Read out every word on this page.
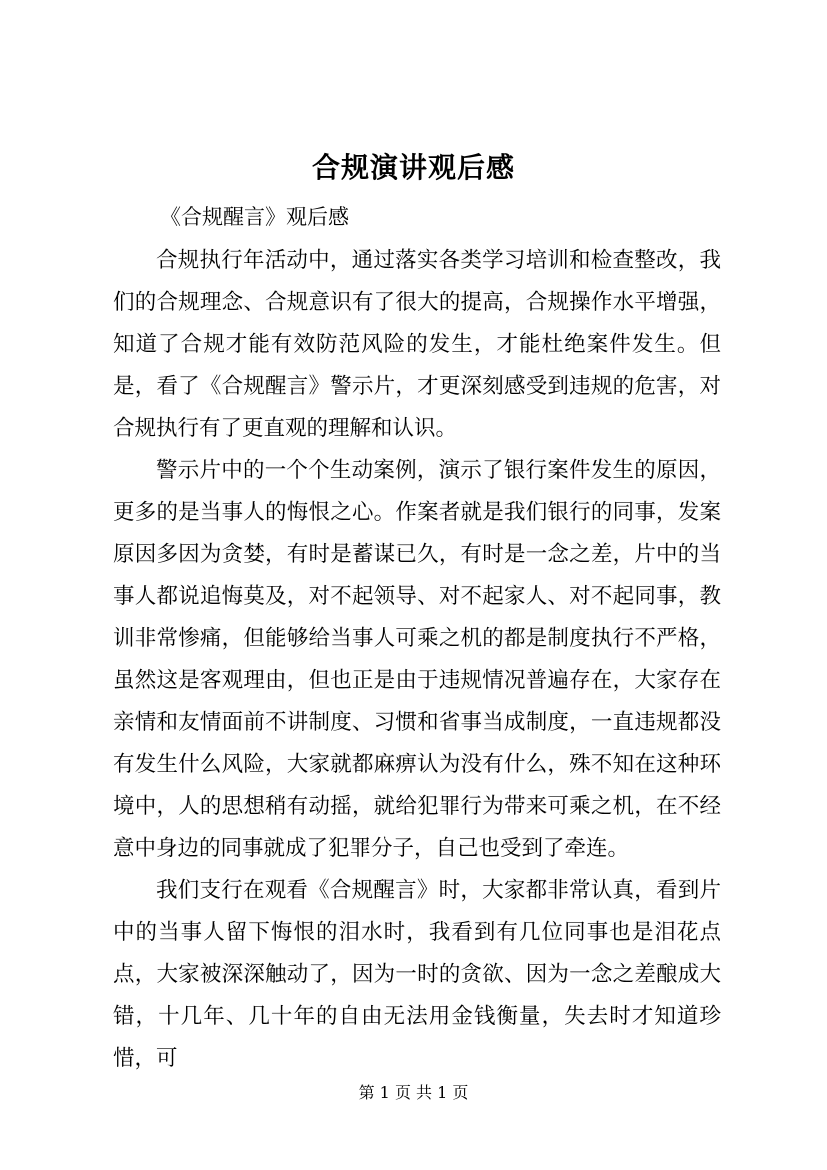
合规演讲观后感
《合规醒言》观后感

合规执行年活动中，通过落实各类学习培训和检查整改，我们的合规理念、合规意识有了很大的提高，合规操作水平增强，知道了合规才能有效防范风险的发生，才能杜绝案件发生。但是，看了《合规醒言》警示片，才更深刻感受到违规的危害，对合规执行有了更直观的理解和认识。

警示片中的一个个生动案例，演示了银行案件发生的原因，更多的是当事人的悔恨之心。作案者就是我们银行的同事，发案原因多因为贪婪，有时是蓄谋已久，有时是一念之差，片中的当事人都说追悔莫及，对不起领导、对不起家人、对不起同事，教训非常惨痛，但能够给当事人可乘之机的都是制度执行不严格，虽然这是客观理由，但也正是由于违规情况普遍存在，大家存在亲情和友情面前不讲制度、习惯和省事当成制度，一直违规都没有发生什么风险，大家就都麻痹认为没有什么，殊不知在这种环境中，人的思想稍有动摇，就给犯罪行为带来可乘之机，在不经意中身边的同事就成了犯罪分子，自己也受到了牵连。

我们支行在观看《合规醒言》时，大家都非常认真，看到片中的当事人留下悔恨的泪水时，我看到有几位同事也是泪花点点，大家被深深触动了，因为一时的贪欲、因为一念之差酿成大错，十几年、几十年的自由无法用金钱衡量，失去时才知道珍惜，可

第 1 页 共 1 页
